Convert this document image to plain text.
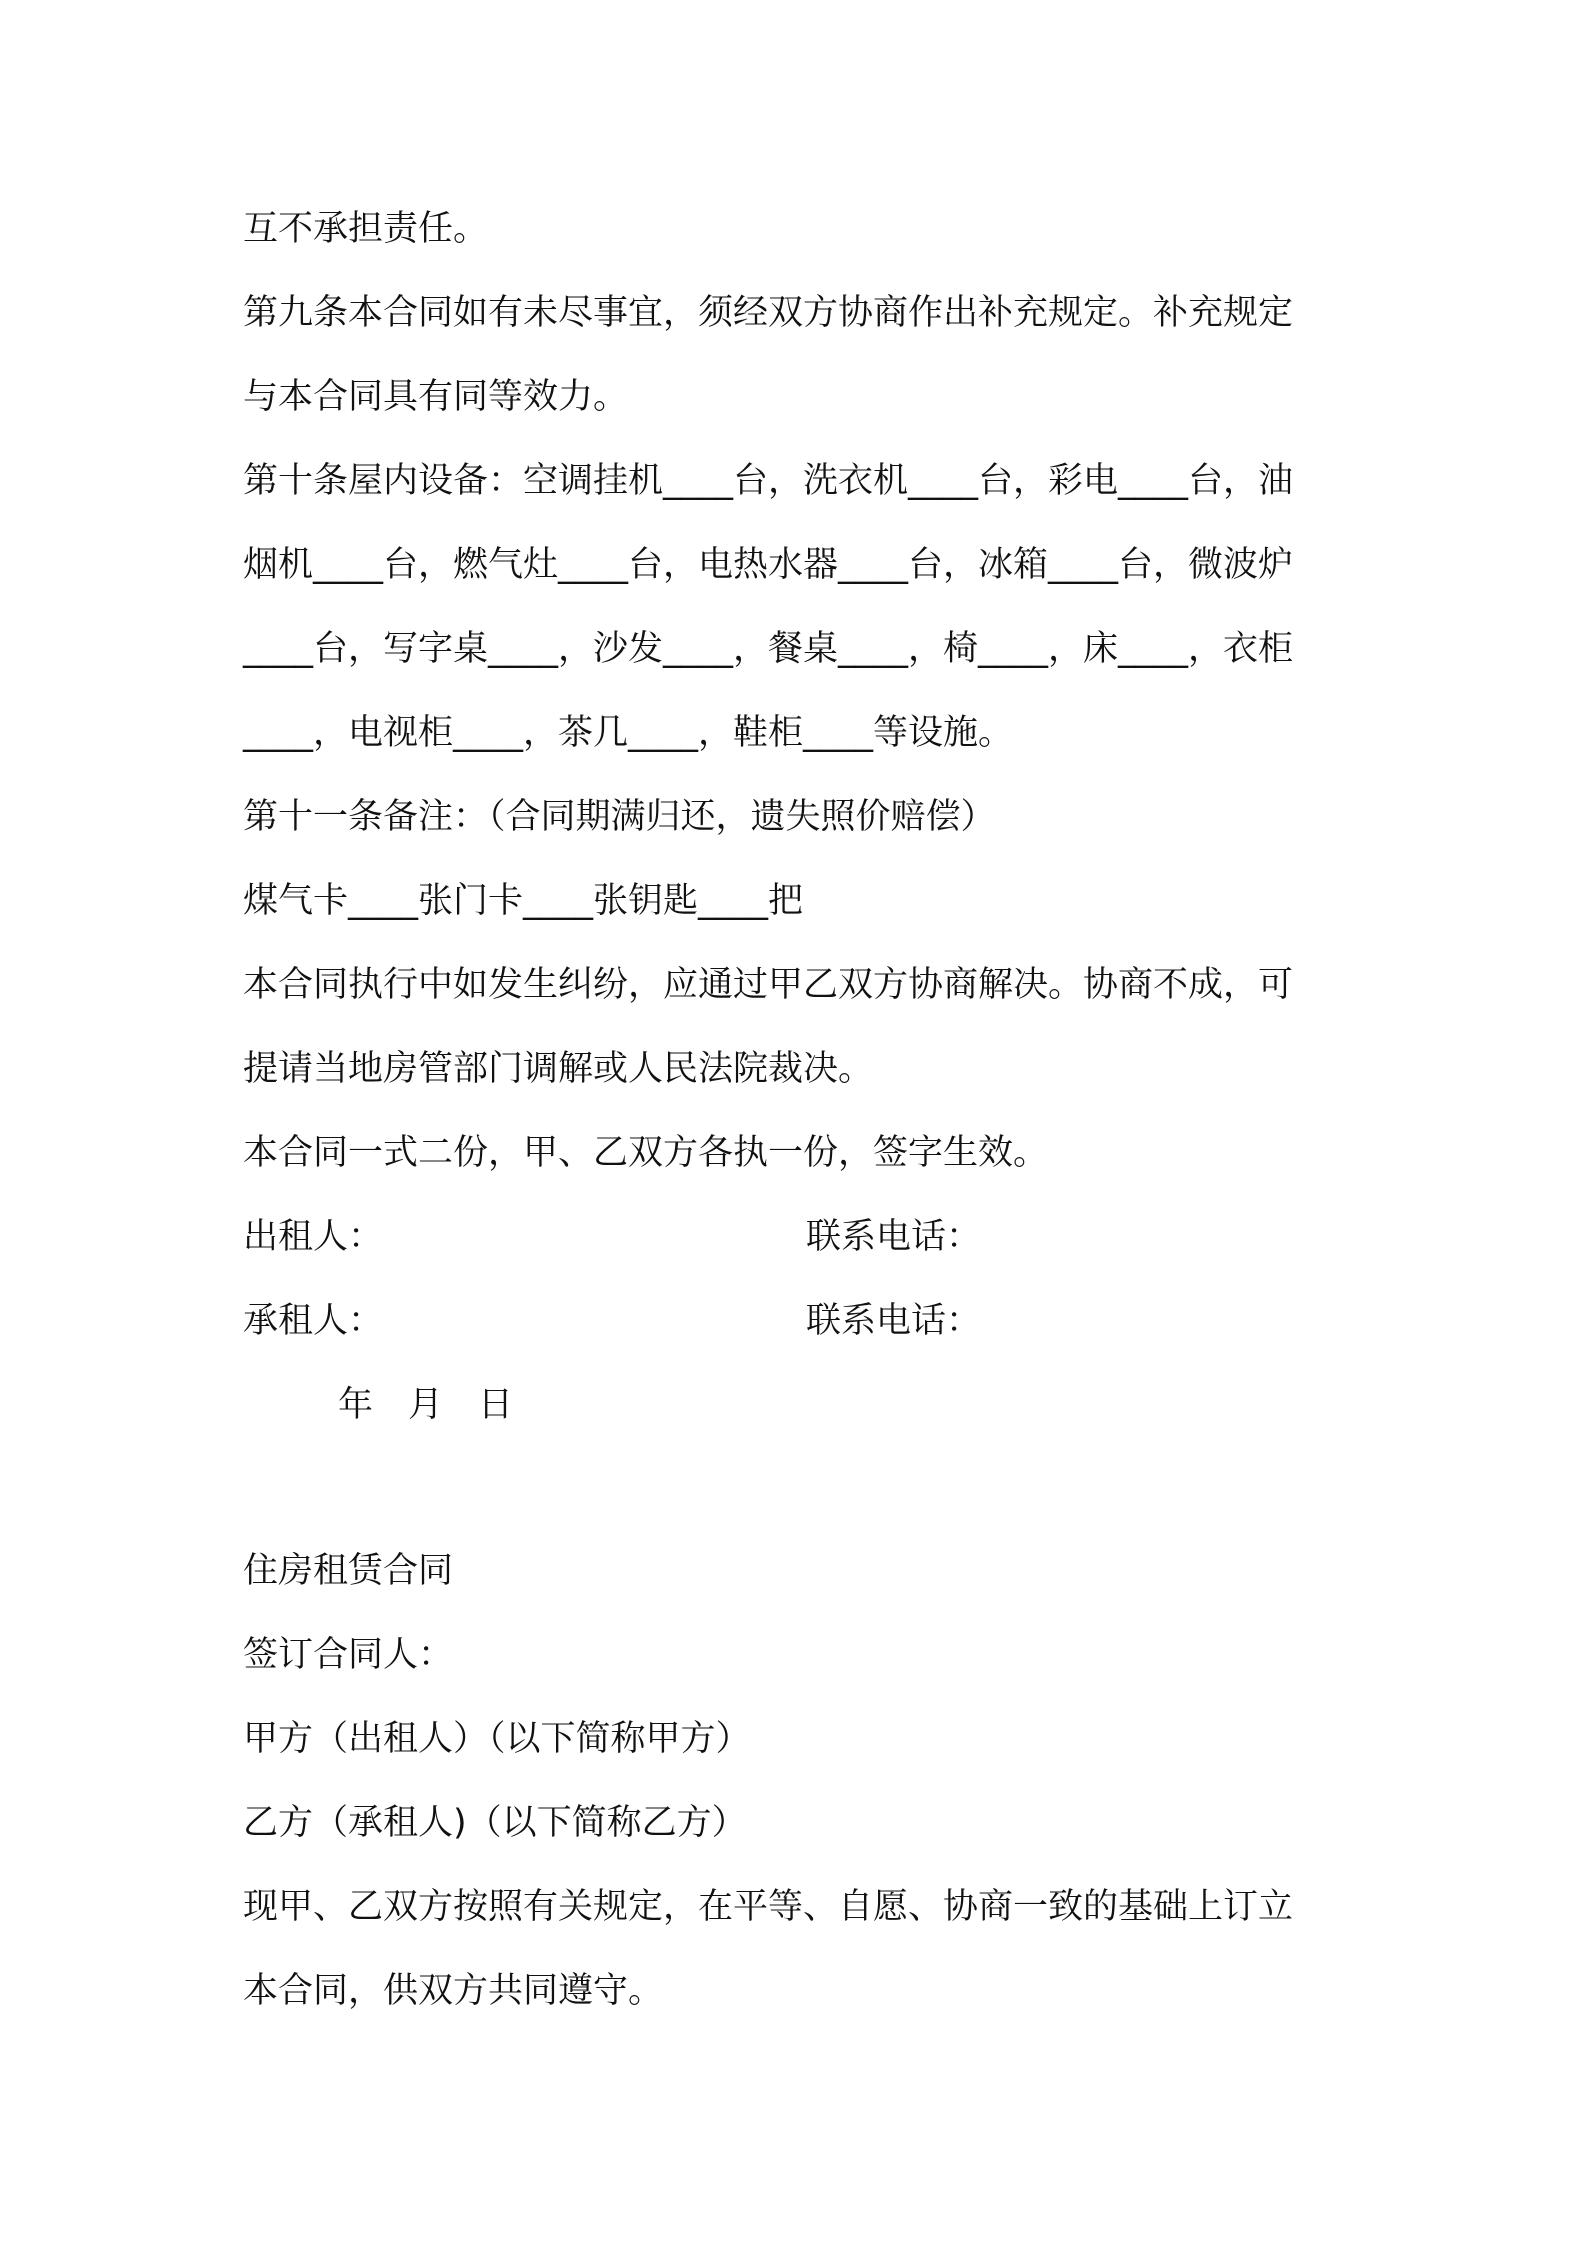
互不承担责任。
第九条本合同如有未尽事宜，须经双方协商作出补充规定。补充规定
与本合同具有同等效力。
第十条屋内设备：空调挂机____台，洗衣机____台，彩电____台，油
烟机____台，燃气灶____台，电热水器____台，冰箱____台，微波炉
____台，写字桌____，沙发____，餐桌____，椅____，床____，衣柜
____，电视柜____，茶几____，鞋柜____等设施。
第十一条备注：（合同期满归还，遗失照价赔偿）
煤气卡____张门卡____张钥匙____把
本合同执行中如发生纠纷，应通过甲乙双方协商解决。协商不成，可
提请当地房管部门调解或人民法院裁决。
本合同一式二份，甲、乙双方各执一份，签字生效。
出租人：	联系电话：
承租人：	联系电话：
年　月　日
住房租赁合同
签订合同人：
甲方（出租人）（以下简称甲方）
乙方（承租人)（以下简称乙方）
现甲、乙双方按照有关规定，在平等、自愿、协商一致的基础上订立
本合同，供双方共同遵守。
